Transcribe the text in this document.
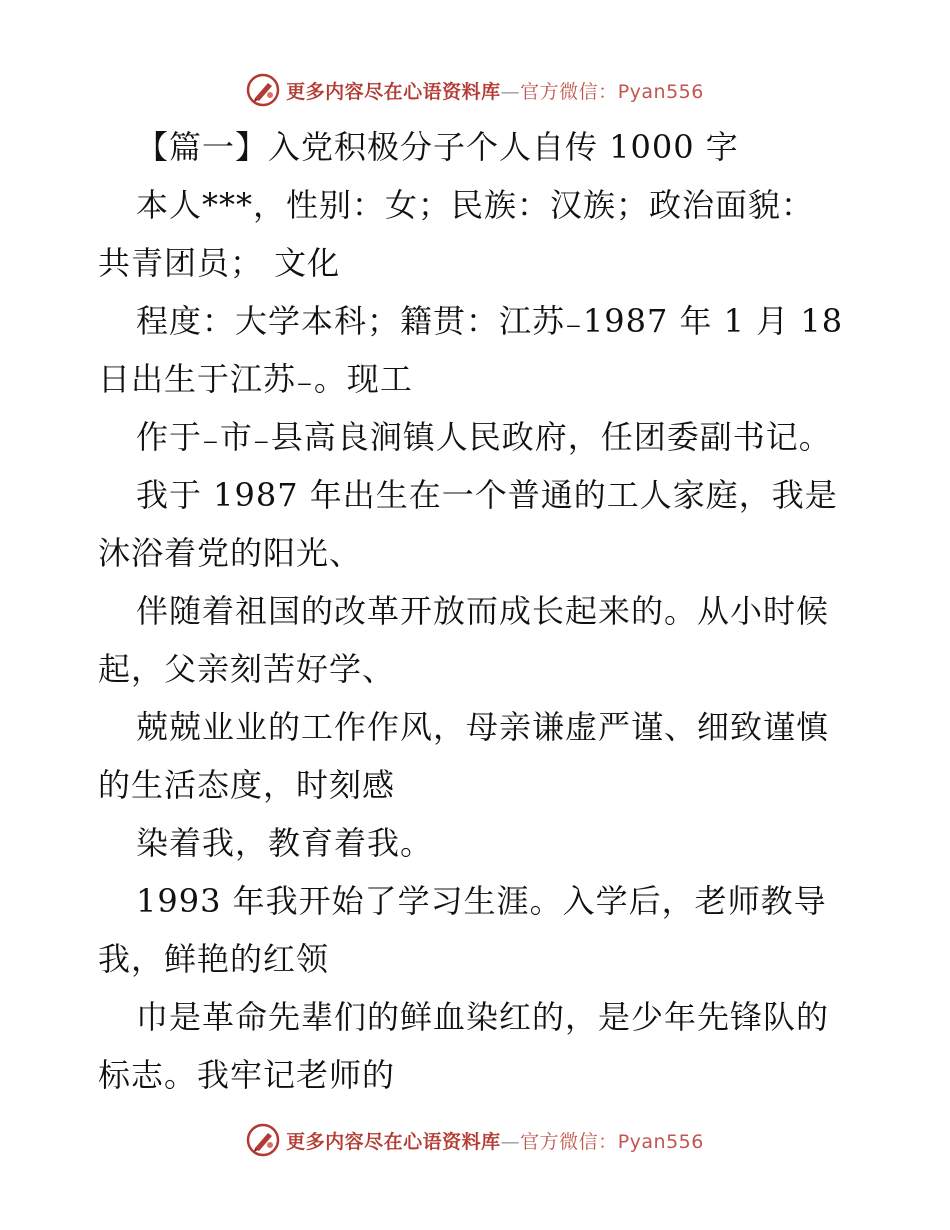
更多内容尽在心语资料库—官方微信：Pyan556
【篇一】入党积极分子个人自传 1000 字
本人***，性别：女；民族：汉族；政治面貌：
共青团员； 文化
程度：大学本科；籍贯：江苏₋1987 年 1 月 18
日出生于江苏₋。现工
作于₋市₋县高良涧镇人民政府，任团委副书记。
我于 1987 年出生在一个普通的工人家庭，我是
沐浴着党的阳光、
伴随着祖国的改革开放而成长起来的。从小时候
起，父亲刻苦好学、
兢兢业业的工作作风，母亲谦虚严谨、细致谨慎
的生活态度，时刻感
染着我，教育着我。
1993 年我开始了学习生涯。入学后，老师教导
我，鲜艳的红领
巾是革命先辈们的鲜血染红的，是少年先锋队的
标志。我牢记老师的
更多内容尽在心语资料库—官方微信：Pyan556
